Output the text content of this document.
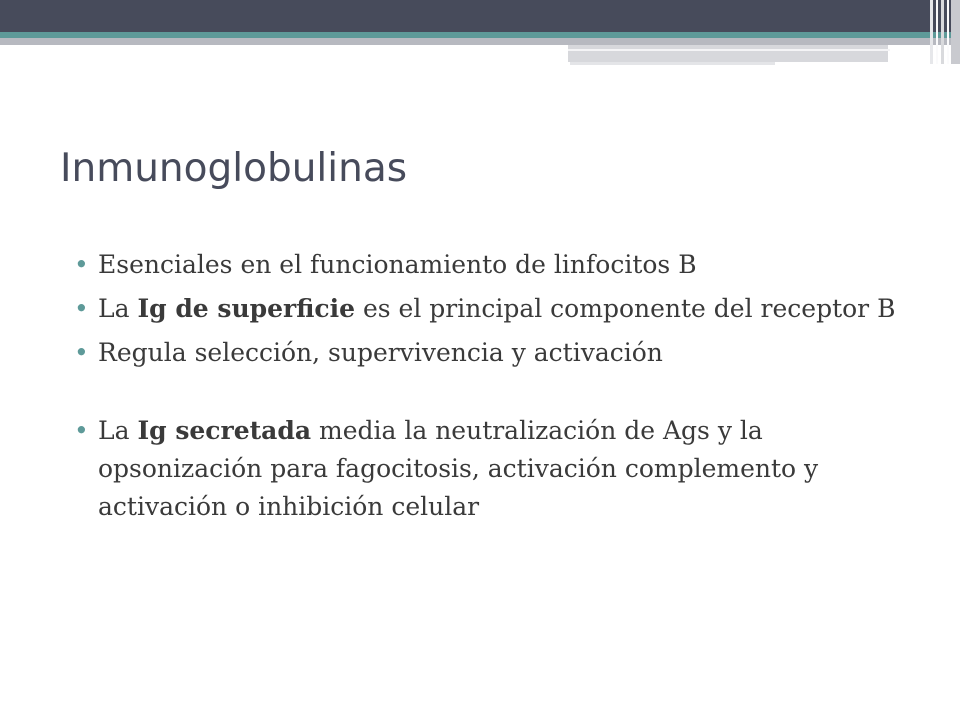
Inmunoglobulinas
• Esenciales en el funcionamiento de linfocitos B
• La Ig de superficie es el principal componente del receptor B
• Regula selección, supervivencia y activación
• La Ig secretada media la neutralización de Ags y la opsonización para fagocitosis, activación complemento y activación o inhibición celular
